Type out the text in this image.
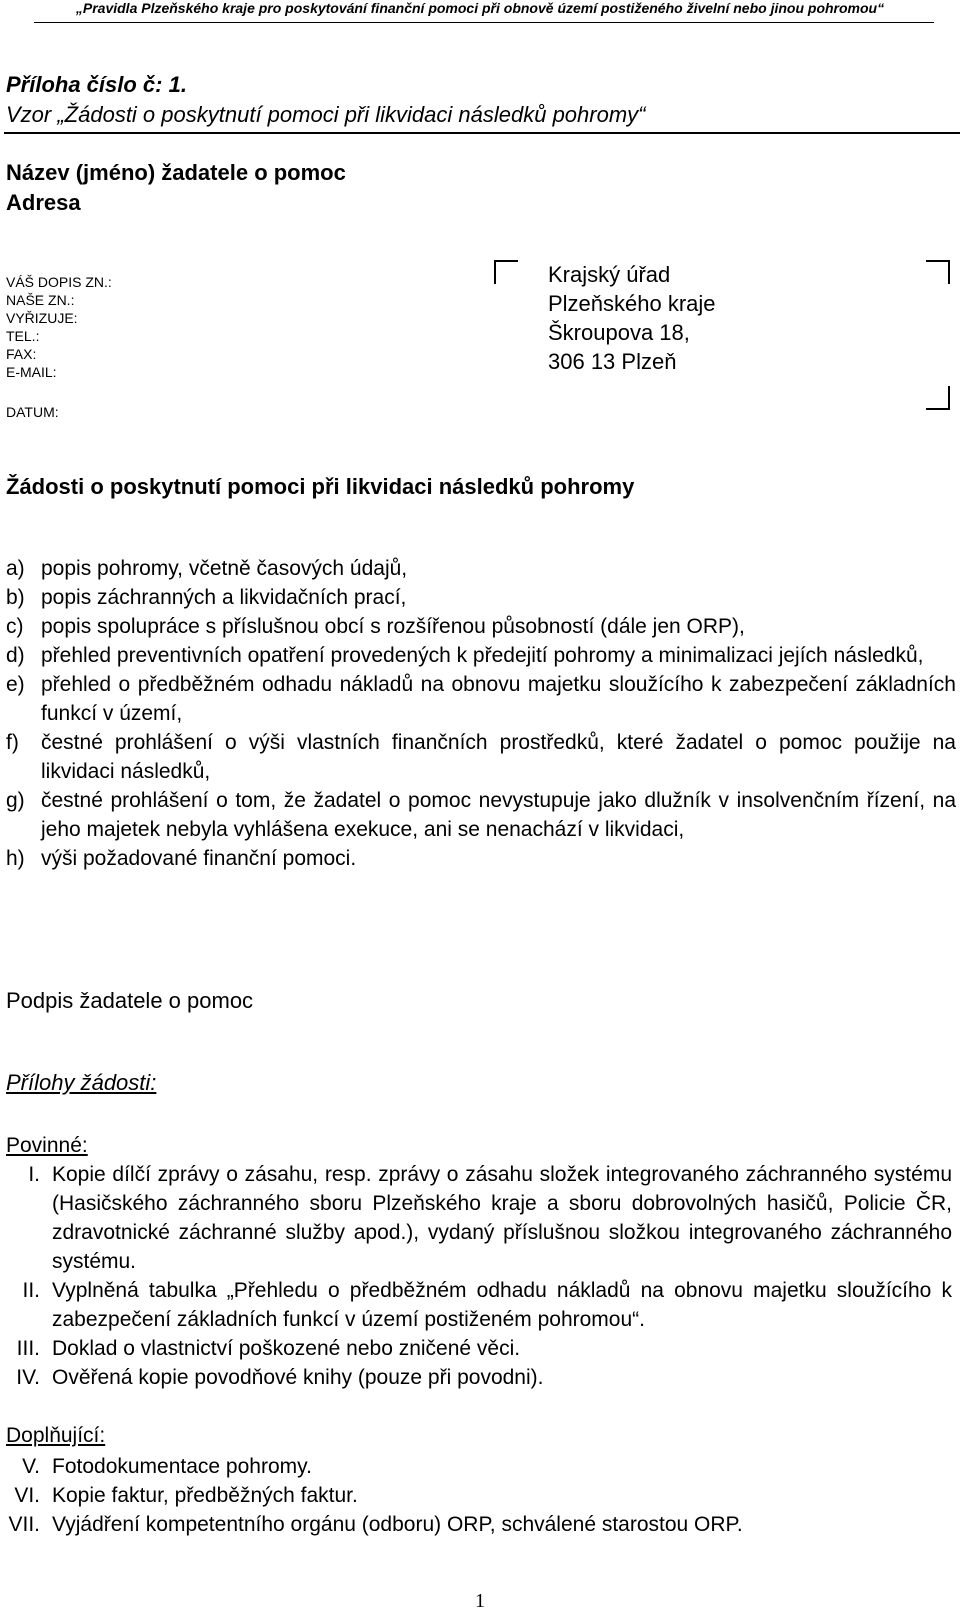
„Pravidla Plzeňského kraje pro poskytování finanční pomoci při obnově území postiženého živelní nebo jinou pohromou“
Příloha číslo č: 1.
Vzor „Žádosti o poskytnutí pomoci při likvidaci následků pohromy“
Název (jméno) žadatele o pomoc
Adresa
VÁŠ DOPIS ZN.:
NAŠE ZN.:
VYŘIZUJE:
TEL.:
FAX:
E-MAIL:
DATUM:
Krajský úřad
Plzeňského kraje
Škroupova 18,
306 13 Plzeň
Žádosti o poskytnutí pomoci při likvidaci následků pohromy
a) popis pohromy, včetně časových údajů,
b) popis záchranných a likvidačních prací,
c) popis spolupráce s příslušnou obcí s rozšířenou působností (dále jen ORP),
d) přehled preventivních opatření provedených k předejití pohromy a minimalizaci jejích následků,
e) přehled o předběžném odhadu nákladů na obnovu majetku sloužícího k zabezpečení základních funkcí v území,
f)	čestné prohlášení o výši vlastních finančních prostředků, které žadatel o pomoc použije na likvidaci následků,
g) čestné prohlášení o tom, že žadatel o pomoc nevystupuje jako dlužník v insolvenčním řízení, na jeho majetek nebyla vyhlášena exekuce, ani se nenachází v likvidaci,
h) výši požadované finanční pomoci.
Podpis žadatele o pomoc
Přílohy žádosti:
Povinné:
I. Kopie dílčí zprávy o zásahu, resp. zprávy o zásahu složek integrovaného záchranného systému (Hasičského záchranného sboru Plzeňského kraje a sboru dobrovolných hasičů, Policie ČR, zdravotnické záchranné služby apod.), vydaný příslušnou složkou integrovaného záchranného systému.
II. Vyplněná tabulka „Přehledu o předběžném odhadu nákladů na obnovu majetku sloužícího k zabezpečení základních funkcí v území postiženém pohromou“.
III. Doklad o vlastnictví poškozené nebo zničené věci.
IV. Ověřená kopie povodňové knihy (pouze při povodni).
Doplňující:
V. Fotodokumentace pohromy.
VI. Kopie faktur, předběžných faktur.
VII. Vyjádření kompetentního orgánu (odboru) ORP, schválené starostou ORP.
1
